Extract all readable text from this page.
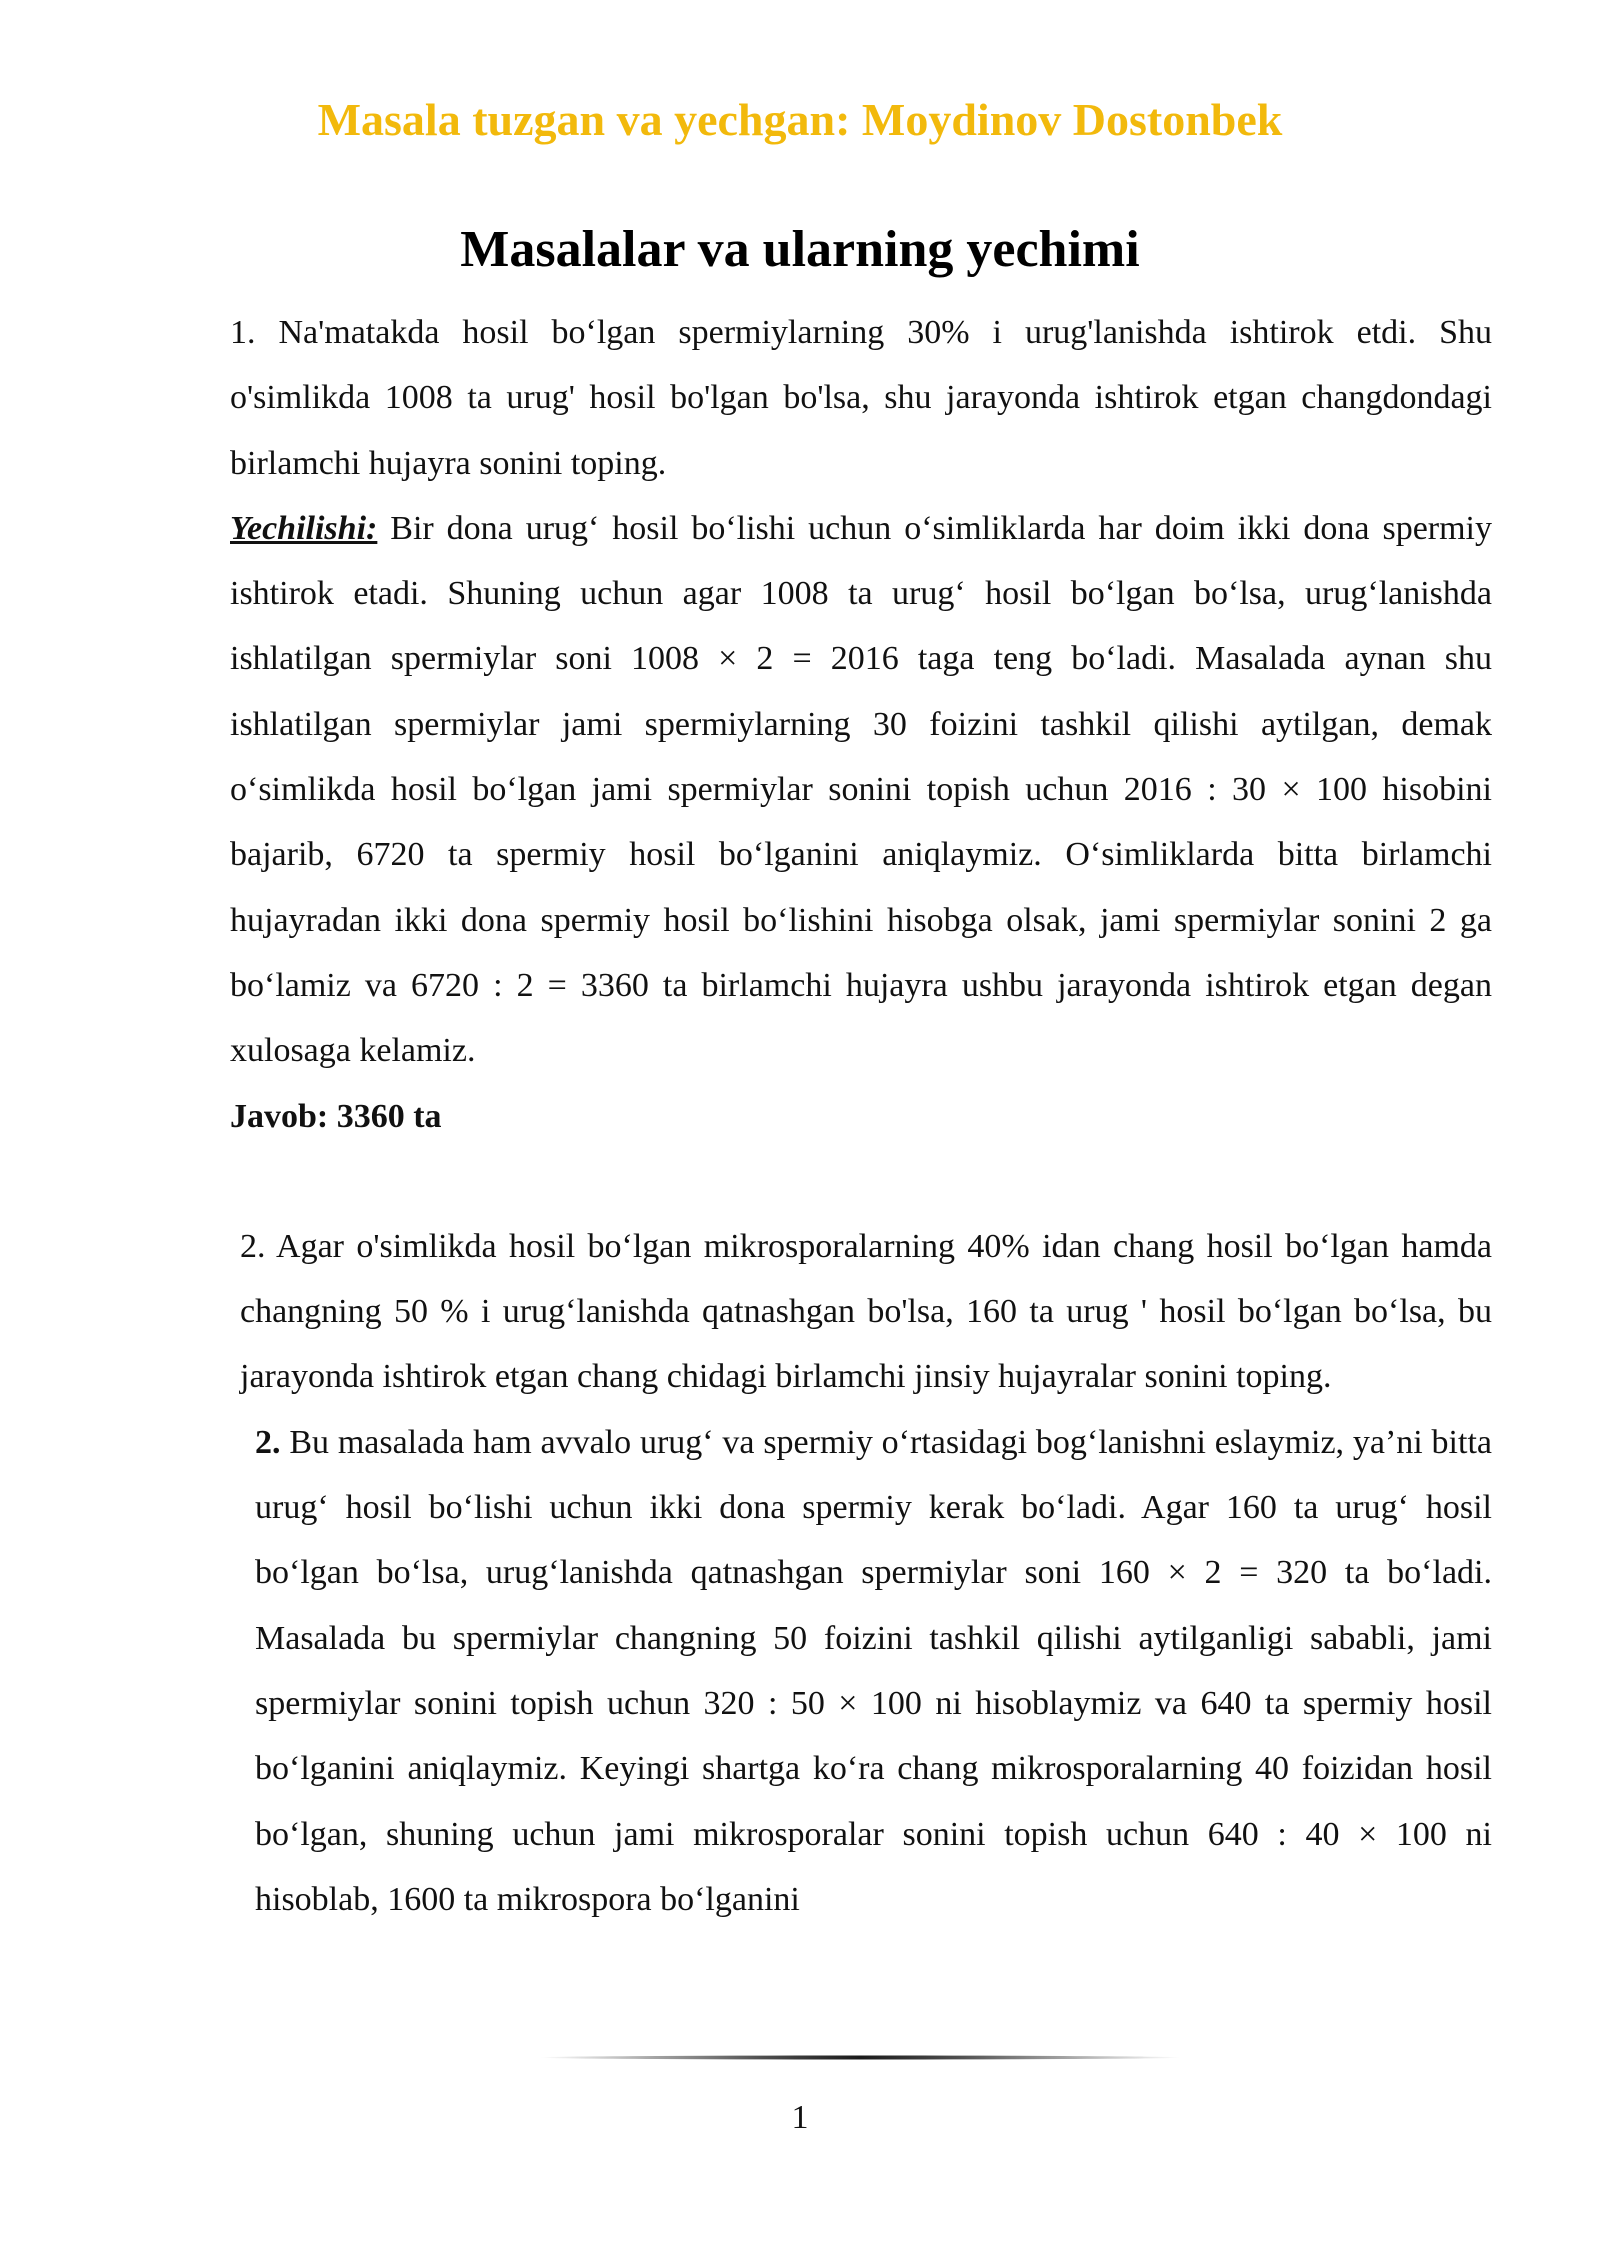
Masala tuzgan va yechgan: Moydinov Dostonbek
Masalalar va ularning yechimi

1. Na'matakda hosil bo‘lgan spermiylarning 30% i urug'lanishda ishtirok etdi. Shu o'simlikda 1008 ta urug' hosil bo'lgan bo'lsa, shu jarayonda ishtirok etgan changdondagi birlamchi hujayra sonini toping.

Yechilishi: Bir dona urug‘ hosil bo‘lishi uchun o‘simliklarda har doim ikki dona spermiy ishtirok etadi. Shuning uchun agar 1008 ta urug‘ hosil bo‘lgan bo‘lsa, urug‘lanishda ishlatilgan spermiylar soni 1008 × 2 = 2016 taga teng bo‘ladi. Masalada aynan shu ishlatilgan spermiylar jami spermiylarning 30 foizini tashkil qilishi aytilgan, demak o‘simlikda hosil bo‘lgan jami spermiylar sonini topish uchun 2016 : 30 × 100 hisobini bajarib, 6720 ta spermiy hosil bo‘lganini aniqlaymiz. O‘simliklarda bitta birlamchi hujayradan ikki dona spermiy hosil bo‘lishini hisobga olsak, jami spermiylar sonini 2 ga bo‘lamiz va 6720 : 2 = 3360 ta birlamchi hujayra ushbu jarayonda ishtirok etgan degan xulosaga kelamiz.

Javob: 3360 ta

2. Agar o'simlikda hosil bo‘lgan mikrosporalarning 40% idan chang hosil bo‘lgan hamda changning 50 % i urug‘lanishda qatnashgan bo'lsa, 160 ta urug ' hosil bo‘lgan bo‘lsa, bu jarayonda ishtirok etgan chang chidagi birlamchi jinsiy hujayralar sonini toping.

2. Bu masalada ham avvalo urug‘ va spermiy o‘rtasidagi bog‘lanishni eslaymiz, ya’ni bitta urug‘ hosil bo‘lishi uchun ikki dona spermiy kerak bo‘ladi. Agar 160 ta urug‘ hosil bo‘lgan bo‘lsa, urug‘lanishda qatnashgan spermiylar soni 160 × 2 = 320 ta bo‘ladi. Masalada bu spermiylar changning 50 foizini tashkil qilishi aytilganligi sababli, jami spermiylar sonini topish uchun 320 : 50 × 100 ni hisoblaymiz va 640 ta spermiy hosil bo‘lganini aniqlaymiz. Keyingi shartga ko‘ra chang mikrosporalarning 40 foizidan hosil bo‘lgan, shuning uchun jami mikrosporalar sonini topish uchun 640 : 40 × 100 ni hisoblab, 1600 ta mikrospora bo‘lganini

1
